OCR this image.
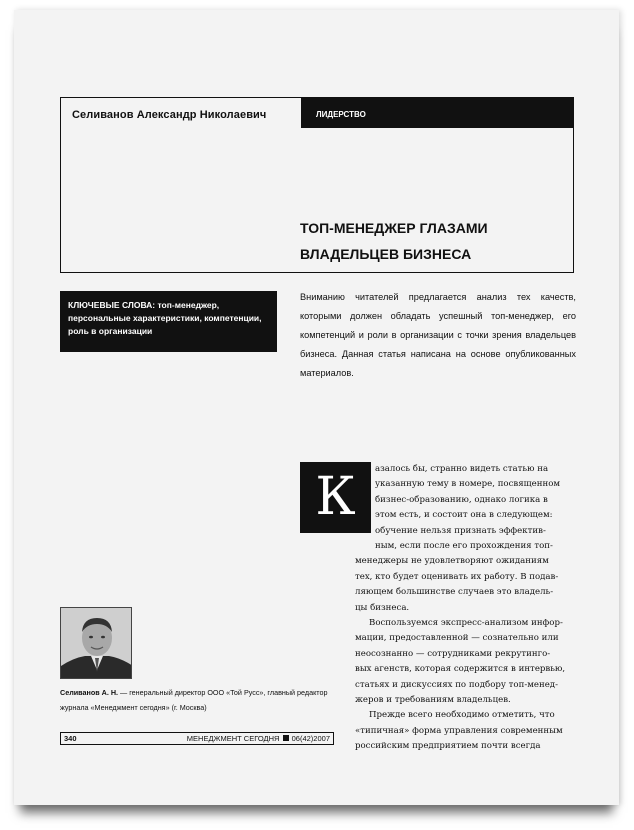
Селиванов Александр Николаевич	ЛИДЕРСТВО
ТОП-МЕНЕДЖЕР ГЛАЗАМИ
ВЛАДЕЛЬЦЕВ БИЗНЕСА
КЛЮЧЕВЫЕ СЛОВА: топ-менеджер, персональные характеристики, компетенции, роль в организации
Вниманию читателей предлагается анализ тех качеств, которыми должен обладать успешный топ-менеджер, его компетенций и роли в организации с точки зрения владельцев бизнеса. Данная статья написана на основе опубликованных материалов.
К	азалось бы, странно видеть статью на
указанную тему в номере, посвященном
бизнес-образованию, однако логика в
этом есть, и состоит она в следующем:
обучение нельзя признать эффектив-
ным, если после его прохождения топ-
менеджеры не удовлетворяют ожиданиям
тех, кто будет оценивать их работу. В подав-
ляющем большинстве случаев это владель-
цы бизнеса.
Воспользуемся экспресс-анализом инфор-
мации, предоставленной — сознательно или
неосознанно — сотрудниками рекрутинго-
вых агенств, которая содержится в интервью,
статьях и дискуссиях по подбору топ-менед-
жеров и требованиям владельцев.
Прежде всего необходимо отметить, что
«типичная» форма управления современным
российским предприятием почти всегда
Селиванов А. Н. — генеральный директор ООО «Той Русс», главный редактор журнала «Менеджмент сегодня» (г. Москва)
340	МЕНЕДЖМЕНТ СЕГОДНЯ 06(42)2007
